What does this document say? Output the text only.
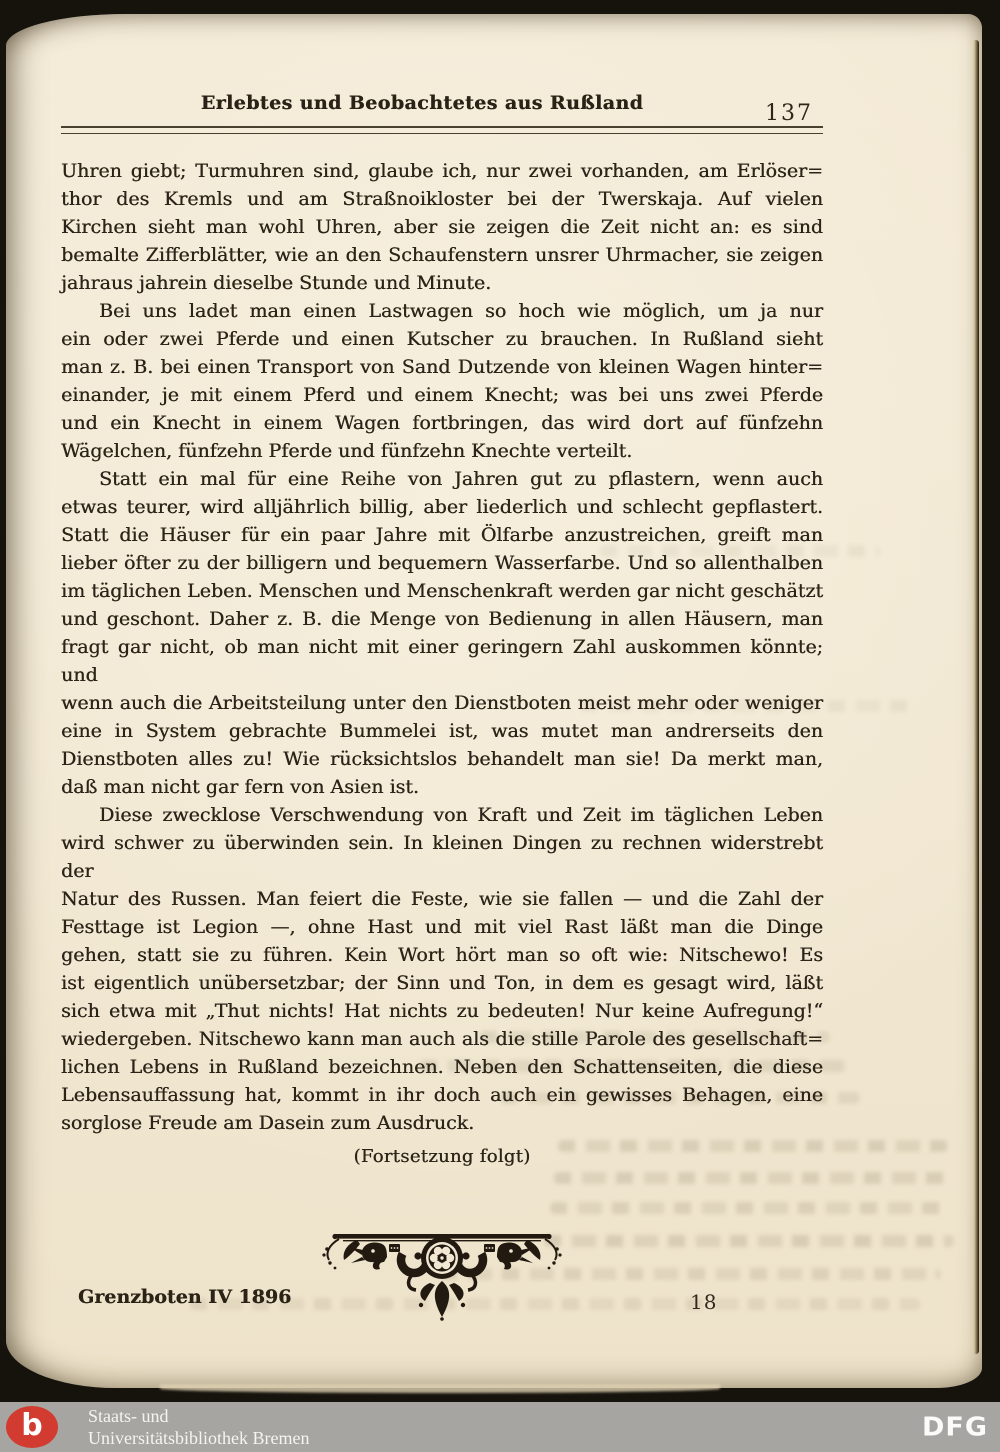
Erlebtes und Beobachtetes aus Rußland	137
Uhren giebt; Turmuhren sind, glaube ich, nur zwei vorhanden, am Erlöser=
thor des Kremls und am Straßnoikloster bei der Twerskaja. Auf vielen
Kirchen sieht man wohl Uhren, aber sie zeigen die Zeit nicht an: es sind
bemalte Zifferblätter, wie an den Schaufenstern unsrer Uhrmacher, sie zeigen
jahraus jahrein dieselbe Stunde und Minute.
Bei uns ladet man einen Lastwagen so hoch wie möglich, um ja nur
ein oder zwei Pferde und einen Kutscher zu brauchen. In Rußland sieht
man z. B. bei einen Transport von Sand Dutzende von kleinen Wagen hinter=
einander, je mit einem Pferd und einem Knecht; was bei uns zwei Pferde
und ein Knecht in einem Wagen fortbringen, das wird dort auf fünfzehn
Wägelchen, fünfzehn Pferde und fünfzehn Knechte verteilt.
Statt ein mal für eine Reihe von Jahren gut zu pflastern, wenn auch
etwas teurer, wird alljährlich billig, aber liederlich und schlecht gepflastert.
Statt die Häuser für ein paar Jahre mit Ölfarbe anzustreichen, greift man
lieber öfter zu der billigern und bequemern Wasserfarbe. Und so allenthalben
im täglichen Leben. Menschen und Menschenkraft werden gar nicht geschätzt
und geschont. Daher z. B. die Menge von Bedienung in allen Häusern, man
fragt gar nicht, ob man nicht mit einer geringern Zahl auskommen könnte; und
wenn auch die Arbeitsteilung unter den Dienstboten meist mehr oder weniger
eine in System gebrachte Bummelei ist, was mutet man andrerseits den
Dienstboten alles zu! Wie rücksichtslos behandelt man sie! Da merkt man,
daß man nicht gar fern von Asien ist.
Diese zwecklose Verschwendung von Kraft und Zeit im täglichen Leben
wird schwer zu überwinden sein. In kleinen Dingen zu rechnen widerstrebt der
Natur des Russen. Man feiert die Feste, wie sie fallen — und die Zahl der
Festtage ist Legion —, ohne Hast und mit viel Rast läßt man die Dinge
gehen, statt sie zu führen. Kein Wort hört man so oft wie: Nitschewo! Es
ist eigentlich unübersetzbar; der Sinn und Ton, in dem es gesagt wird, läßt
sich etwa mit „Thut nichts! Hat nichts zu bedeuten! Nur keine Aufregung!“
wiedergeben. Nitschewo kann man auch als die stille Parole des gesellschaft=
lichen Lebens in Rußland bezeichnen. Neben den Schattenseiten, die diese
Lebensauffassung hat, kommt in ihr doch auch ein gewisses Behagen, eine
sorglose Freude am Dasein zum Ausdruck.
(Fortsetzung folgt)
Grenzboten IV 1896	18
b	Staats- und
Universitätsbibliothek Bremen	DFG
